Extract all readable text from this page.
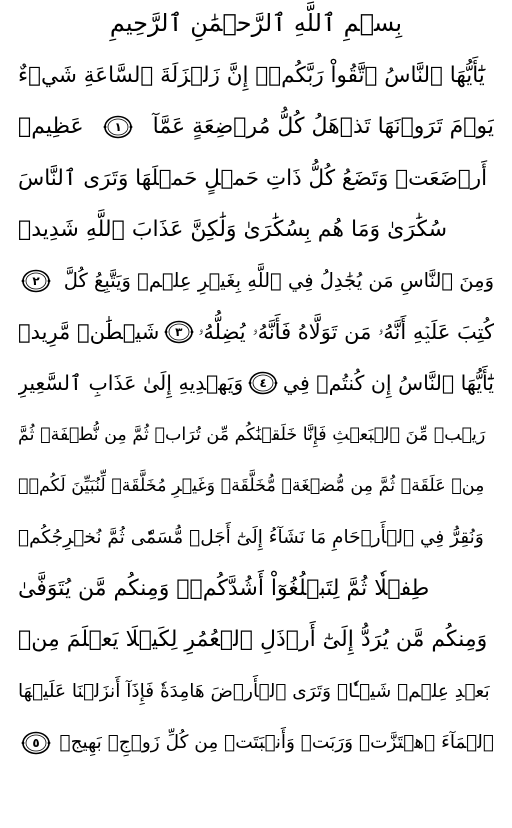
بِسۡمِ ٱللَّهِ ٱلرَّحۡمَٰنِ ٱلرَّحِيمِ
يَٰٓأَيُّهَا ٱلنَّاسُ ٱتَّقُواْ رَبَّكُمۡۚ إِنَّ زَلۡزَلَةَ ٱلسَّاعَةِ شَيۡءٌ
عَظِيمٞ	١ يَوۡمَ تَرَوۡنَهَا تَذۡهَلُ كُلُّ مُرۡضِعَةٍ عَمَّآ
أَرۡضَعَتۡ وَتَضَعُ كُلُّ ذَاتِ حَمۡلٍ حَمۡلَهَا وَتَرَى ٱلنَّاسَ
سُكَٰرَىٰ وَمَا هُم بِسُكَٰرَىٰ وَلَٰكِنَّ عَذَابَ ٱللَّهِ شَدِيدٞ
٢ وَمِنَ ٱلنَّاسِ مَن يُجَٰدِلُ فِي ٱللَّهِ بِغَيۡرِ عِلۡمٖ وَيَتَّبِعُ كُلَّ
شَيۡطَٰنٖ مَّرِيدٖ ٣ كُتِبَ عَلَيۡهِ أَنَّهُۥ مَن تَوَلَّاهُ فَأَنَّهُۥ يُضِلُّهُۥ
وَيَهۡدِيهِ إِلَىٰ عَذَابِ ٱلسَّعِيرِ ٤ يَٰٓأَيُّهَا ٱلنَّاسُ إِن كُنتُمۡ فِي
رَيۡبٖ مِّنَ ٱلۡبَعۡثِ فَإِنَّا خَلَقۡنَٰكُم مِّن تُرَابٖ ثُمَّ مِن نُّطۡفَةٖ ثُمَّ
مِنۡ عَلَقَةٖ ثُمَّ مِن مُّضۡغَةٖ مُّخَلَّقَةٖ وَغَيۡرِ مُخَلَّقَةٖ لِّنُبَيِّنَ لَكُمۡۚ
وَنُقِرُّ فِي ٱلۡأَرۡحَامِ مَا نَشَآءُ إِلَىٰٓ أَجَلٖ مُّسَمّٗى ثُمَّ نُخۡرِجُكُمۡ
طِفۡلٗا ثُمَّ لِتَبۡلُغُوٓاْ أَشُدَّكُمۡۖ وَمِنكُم مَّن يُتَوَفَّىٰ
وَمِنكُم مَّن يُرَدُّ إِلَىٰٓ أَرۡذَلِ ٱلۡعُمُرِ لِكَيۡلَا يَعۡلَمَ مِنۢ
بَعۡدِ عِلۡمٖ شَيۡـٔٗاۚ وَتَرَى ٱلۡأَرۡضَ هَامِدَةٗ فَإِذَآ أَنزَلۡنَا عَلَيۡهَا
٥ ٱلۡمَآءَ ٱهۡتَزَّتۡ وَرَبَتۡ وَأَنۢبَتَتۡ مِن كُلِّ زَوۡجِۭ بَهِيجٖ
